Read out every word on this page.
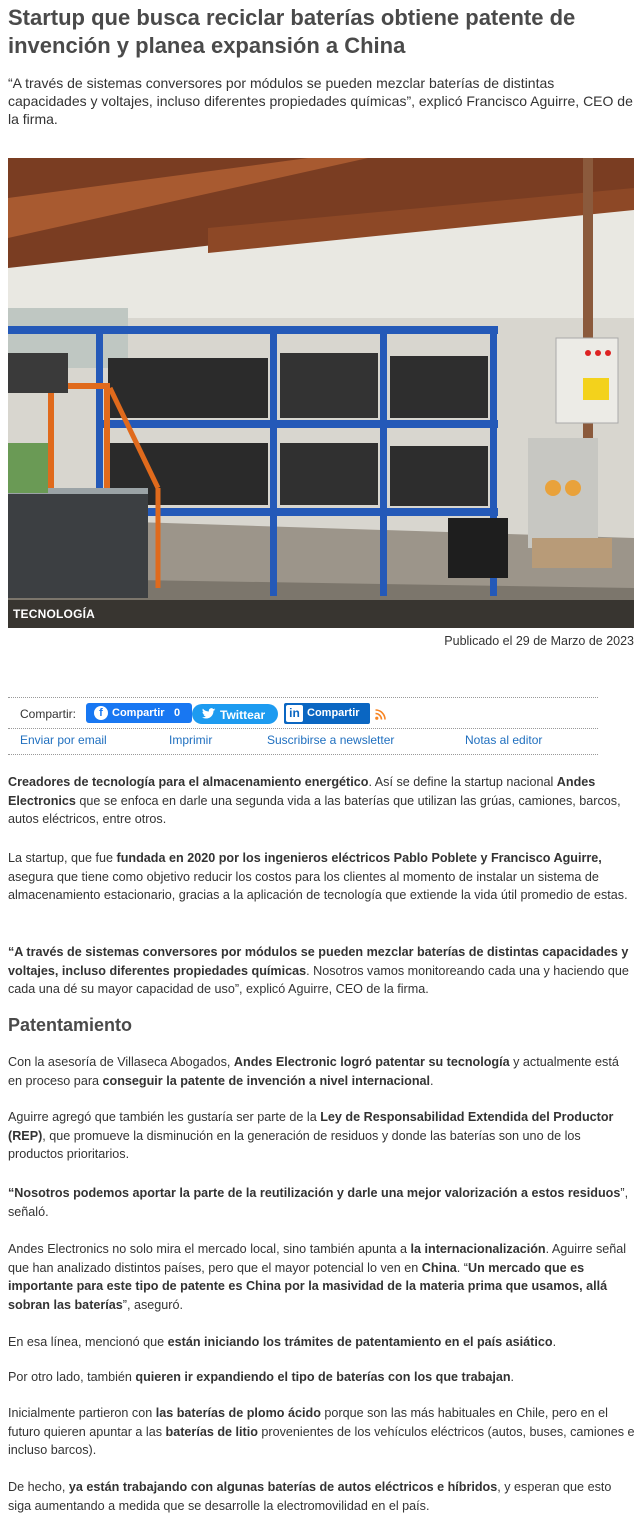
Startup que busca reciclar baterías obtiene patente de invención y planea expansión a China

“A través de sistemas conversores por módulos se pueden mezclar baterías de distintas capacidades y voltajes, incluso diferentes propiedades químicas”, explicó Francisco Aguirre, CEO de la firma.

TECNOLOGÍA
Publicado el 29 de Marzo de 2023
Compartir:	f Compartir 0	Twittear in Compartir
Enviar por email	Imprimir	Suscribirse a newsletter	Notas al editor

Creadores de tecnología para el almacenamiento energético. Así se define la startup nacional Andes Electronics que se enfoca en darle una segunda vida a las baterías que utilizan las grúas, camiones, barcos, autos eléctricos, entre otros.

La startup, que fue fundada en 2020 por los ingenieros eléctricos Pablo Poblete y Francisco Aguirre, asegura que tiene como objetivo reducir los costos para los clientes al momento de instalar un sistema de almacenamiento estacionario, gracias a la aplicación de tecnología que extiende la vida útil promedio de estas.

“A través de sistemas conversores por módulos se pueden mezclar baterías de distintas capacidades y voltajes, incluso diferentes propiedades químicas. Nosotros vamos monitoreando cada una y haciendo que cada una dé su mayor capacidad de uso”, explicó Aguirre, CEO de la firma.

Patentamiento

Con la asesoría de Villaseca Abogados, Andes Electronic logró patentar su tecnología y actualmente está en proceso para conseguir la patente de invención a nivel internacional.

Aguirre agregó que también les gustaría ser parte de la Ley de Responsabilidad Extendida del Productor (REP), que promueve la disminución en la generación de residuos y donde las baterías son uno de los productos prioritarios.

“Nosotros podemos aportar la parte de la reutilización y darle una mejor valorización a estos residuos”, señaló.

Andes Electronics no solo mira el mercado local, sino también apunta a la internacionalización. Aguirre señal que han analizado distintos países, pero que el mayor potencial lo ven en China. “Un mercado que es importante para este tipo de patente es China por la masividad de la materia prima que usamos, allá sobran las baterías”, aseguró.

En esa línea, mencionó que están iniciando los trámites de patentamiento en el país asiático.

Por otro lado, también quieren ir expandiendo el tipo de baterías con los que trabajan.

Inicialmente partieron con las baterías de plomo ácido porque son las más habituales en Chile, pero en el futuro quieren apuntar a las baterías de litio provenientes de los vehículos eléctricos (autos, buses, camiones e incluso barcos).

De hecho, ya están trabajando con algunas baterías de autos eléctricos e híbridos, y esperan que esto siga aumentando a medida que se desarrolle la electromovilidad en el país.
